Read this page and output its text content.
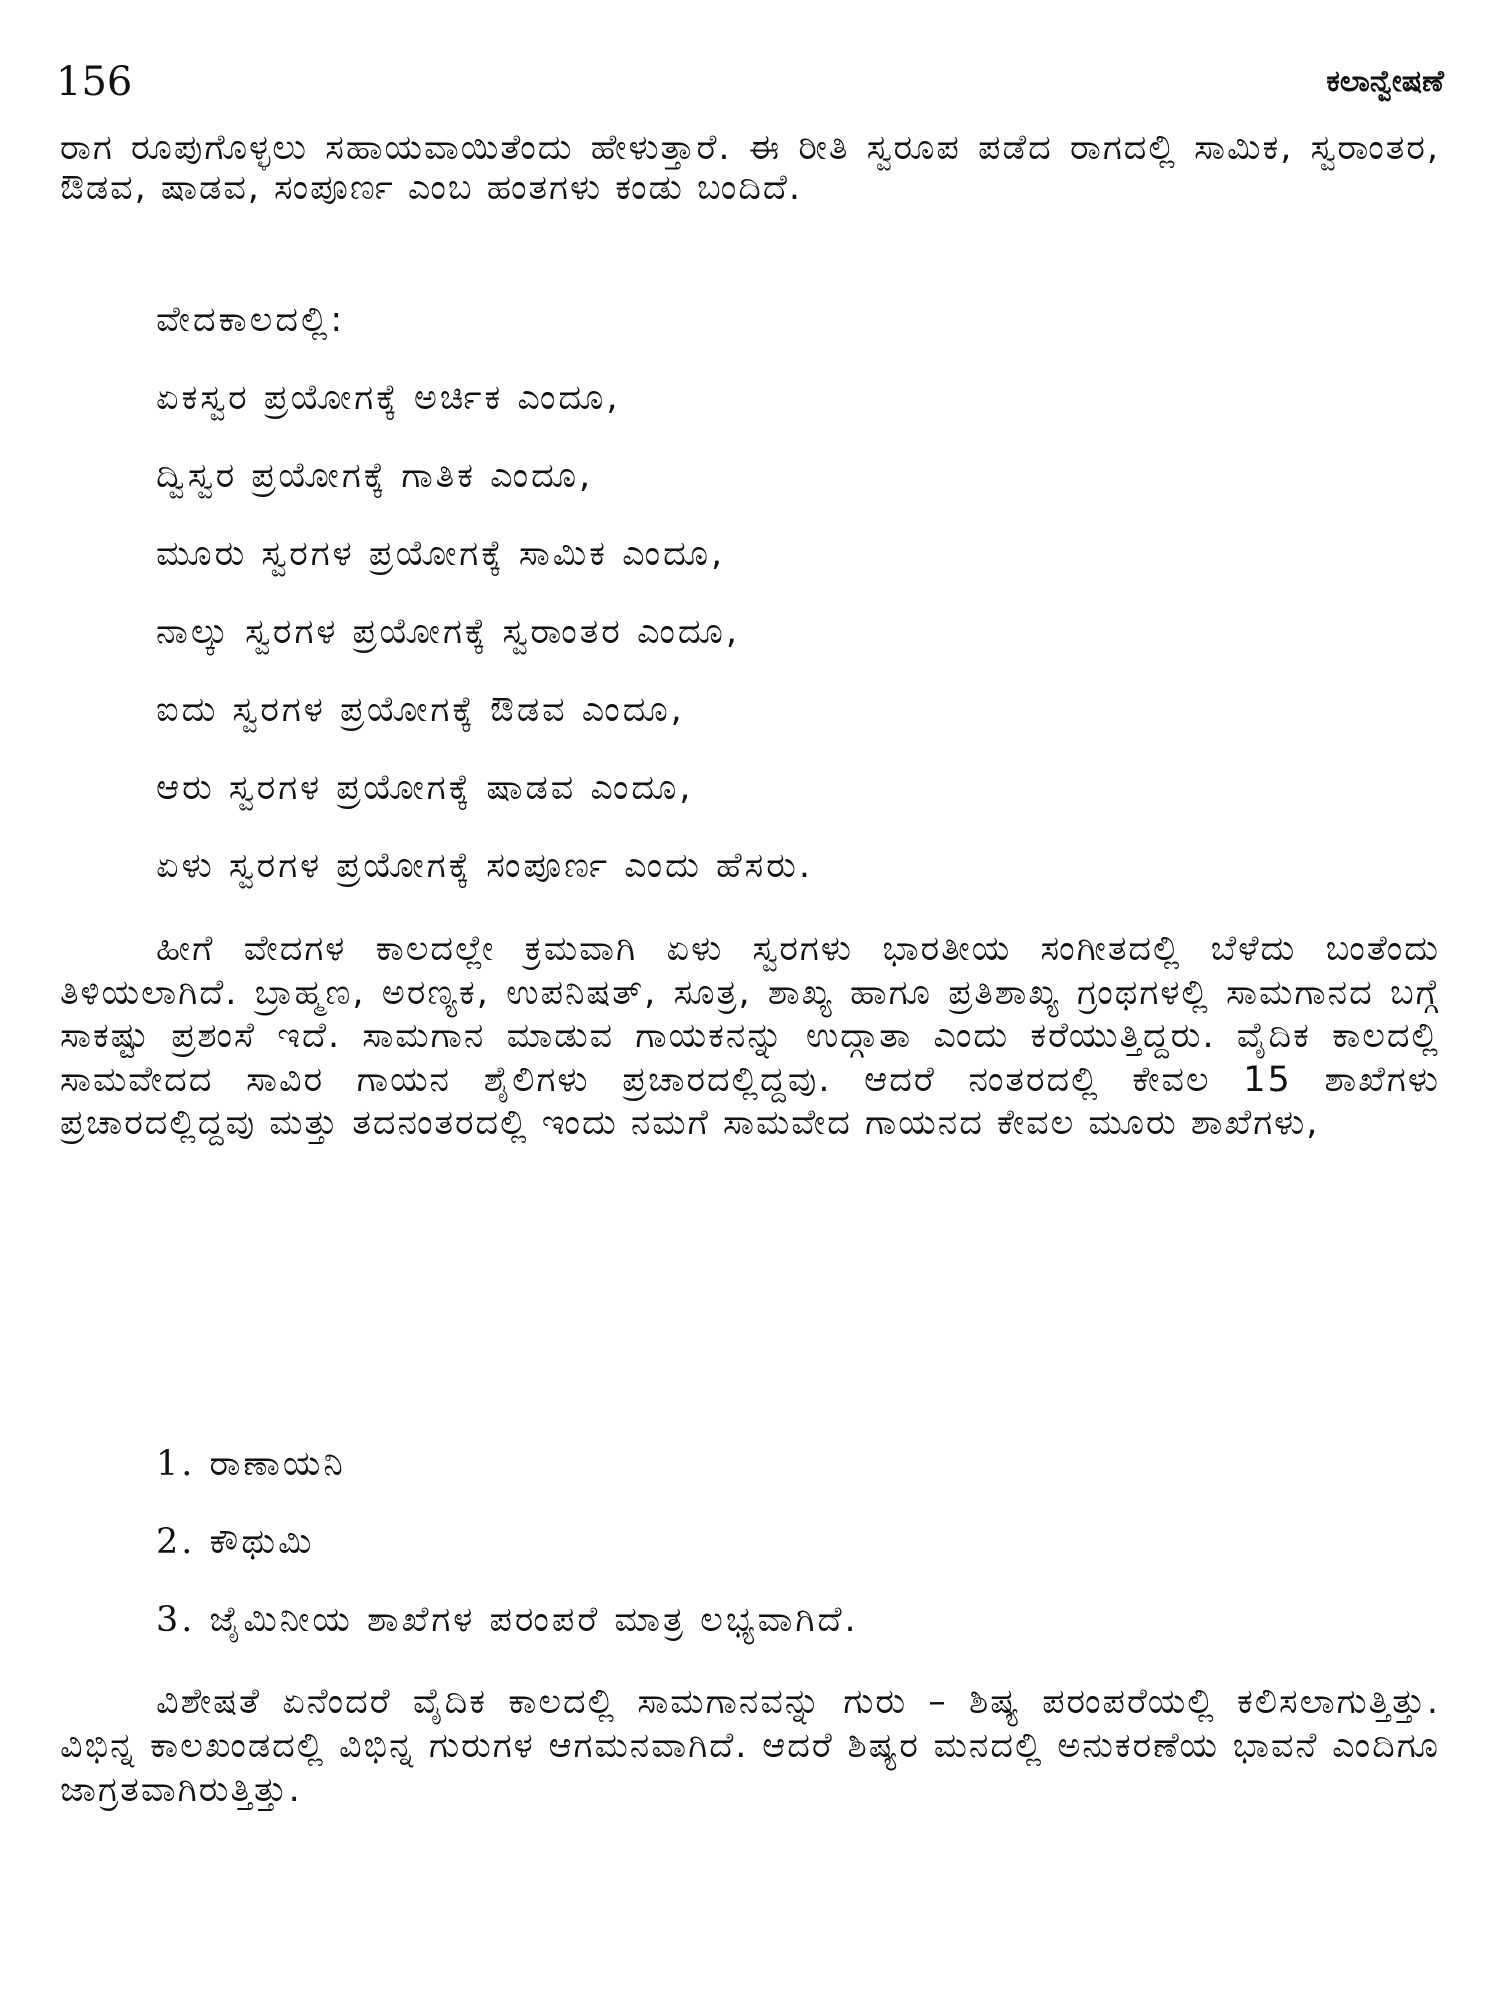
156	ಕಲಾನ್ವೇಷಣೆ

ರಾಗ ರೂಪುಗೊಳ್ಳಲು ಸಹಾಯವಾಯಿತೆಂದು ಹೇಳುತ್ತಾರೆ. ಈ ರೀತಿ ಸ್ವರೂಪ ಪಡೆದ ರಾಗದಲ್ಲಿ ಸಾಮಿಕ, ಸ್ವರಾಂತರ, ಔಡವ, ಷಾಡವ, ಸಂಪೂರ್ಣ ಎಂಬ ಹಂತಗಳು ಕಂಡು ಬಂದಿದೆ.

ವೇದಕಾಲದಲ್ಲಿ:
ಏಕಸ್ವರ ಪ್ರಯೋಗಕ್ಕೆ ಅರ್ಚಿಕ ಎಂದೂ,
ದ್ವಿಸ್ವರ ಪ್ರಯೋಗಕ್ಕೆ ಗಾತಿಕ ಎಂದೂ,
ಮೂರು ಸ್ವರಗಳ ಪ್ರಯೋಗಕ್ಕೆ ಸಾಮಿಕ ಎಂದೂ,
ನಾಲ್ಕು ಸ್ವರಗಳ ಪ್ರಯೋಗಕ್ಕೆ ಸ್ವರಾಂತರ ಎಂದೂ,
ಐದು ಸ್ವರಗಳ ಪ್ರಯೋಗಕ್ಕೆ ಔಡವ ಎಂದೂ,
ಆರು ಸ್ವರಗಳ ಪ್ರಯೋಗಕ್ಕೆ ಷಾಡವ ಎಂದೂ,
ಏಳು ಸ್ವರಗಳ ಪ್ರಯೋಗಕ್ಕೆ ಸಂಪೂರ್ಣ ಎಂದು ಹೆಸರು.

ಹೀಗೆ ವೇದಗಳ ಕಾಲದಲ್ಲೇ ಕ್ರಮವಾಗಿ ಏಳು ಸ್ವರಗಳು ಭಾರತೀಯ ಸಂಗೀತದಲ್ಲಿ ಬೆಳೆದು ಬಂತೆಂದು ತಿಳಿಯಲಾಗಿದೆ. ಬ್ರಾಹ್ಮಣ, ಅರಣ್ಯಕ, ಉಪನಿಷತ್, ಸೂತ್ರ, ಶಾಖ್ಯ ಹಾಗೂ ಪ್ರತಿಶಾಖ್ಯ ಗ್ರಂಥಗಳಲ್ಲಿ ಸಾಮಗಾನದ ಬಗ್ಗೆ ಸಾಕಷ್ಟು ಪ್ರಶಂಸೆ ಇದೆ. ಸಾಮಗಾನ ಮಾಡುವ ಗಾಯಕನನ್ನು ಉದ್ಗಾತಾ ಎಂದು ಕರೆಯುತ್ತಿದ್ದರು. ವೈದಿಕ ಕಾಲದಲ್ಲಿ ಸಾಮವೇದದ ಸಾವಿರ ಗಾಯನ ಶೈಲಿಗಳು ಪ್ರಚಾರದಲ್ಲಿದ್ದವು. ಆದರೆ ನಂತರದಲ್ಲಿ ಕೇವಲ 15 ಶಾಖೆಗಳು ಪ್ರಚಾರದಲ್ಲಿದ್ದವು ಮತ್ತು ತದನಂತರದಲ್ಲಿ ಇಂದು ನಮಗೆ ಸಾಮವೇದ ಗಾಯನದ ಕೇವಲ ಮೂರು ಶಾಖೆಗಳು,

1. ರಾಣಾಯನಿ
2. ಕೌಥುಮಿ
3. ಜೈಮಿನೀಯ ಶಾಖೆಗಳ ಪರಂಪರೆ ಮಾತ್ರ ಲಭ್ಯವಾಗಿದೆ.

ವಿಶೇಷತೆ ಏನೆಂದರೆ ವೈದಿಕ ಕಾಲದಲ್ಲಿ ಸಾಮಗಾನವನ್ನು ಗುರು – ಶಿಷ್ಯ ಪರಂಪರೆಯಲ್ಲಿ ಕಲಿಸಲಾಗುತ್ತಿತ್ತು. ವಿಭಿನ್ನ ಕಾಲಖಂಡದಲ್ಲಿ ವಿಭಿನ್ನ ಗುರುಗಳ ಆಗಮನವಾಗಿದೆ. ಆದರೆ ಶಿಷ್ಯರ ಮನದಲ್ಲಿ ಅನುಕರಣೆಯ ಭಾವನೆ ಎಂದಿಗೂ ಜಾಗ್ರತವಾಗಿರುತ್ತಿತ್ತು.
